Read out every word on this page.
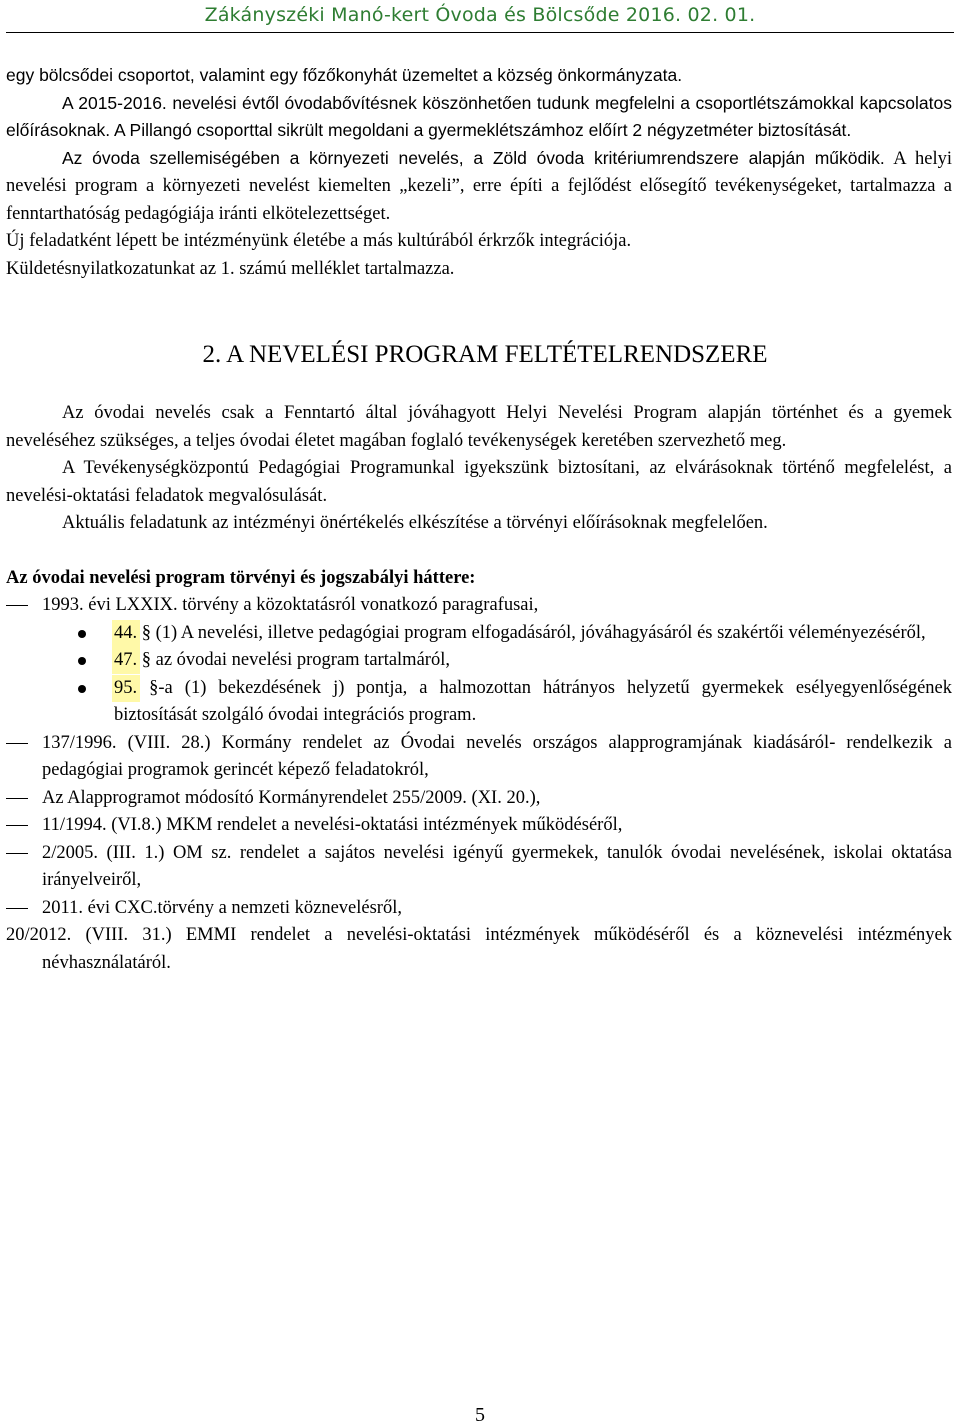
Zákányszéki Manó-kert Óvoda és Bölcsőde 2016. 02. 01.

egy bölcsődei csoportot, valamint egy főzőkonyhát üzemeltet a község önkormányzata.

A 2015-2016. nevelési évtől óvodabővítésnek köszönhetően tudunk megfelelni a csoportlétszámokkal kapcsolatos előírásoknak. A Pillangó csoporttal sikrült megoldani a gyermeklétszámhoz előírt 2 négyzetméter biztosítását.

Az óvoda szellemiségében a környezeti nevelés, a Zöld óvoda kritériumrendszere alapján működik. A helyi nevelési program a környezeti nevelést kiemelten „kezeli”, erre építi a fejlődést elősegítő tevékenységeket, tartalmazza a fenntarthatóság pedagógiája iránti elkötelezettséget.

Új feladatként lépett be intézményünk életébe a más kultúrából érkrzők integrációja.

Küldetésnyilatkozatunkat az 1. számú melléklet tartalmazza.

2. A NEVELÉSI PROGRAM FELTÉTELRENDSZERE

Az óvodai nevelés csak a Fenntartó által jóváhagyott Helyi Nevelési Program alapján történhet és a gyemek neveléséhez szükséges, a teljes óvodai életet magában foglaló tevékenységek keretében szervezhető meg.

A Tevékenységközpontú Pedagógiai Programunkal igyekszünk biztosítani, az elvárásoknak történő megfelelést, a nevelési-oktatási feladatok megvalósulását.

Aktuális feladatunk az intézményi önértékelés elkészítése a törvényi előírásoknak megfelelően.

Az óvodai nevelési program törvényi és jogszabályi háttere:

1993. évi LXXIX. törvény a közoktatásról vonatkozó paragrafusai,
44. § (1) A nevelési, illetve pedagógiai program elfogadásáról, jóváhagyásáról és szakértői véleményezéséről,
47. § az óvodai nevelési program tartalmáról,
95. §-a (1) bekezdésének j) pontja, a halmozottan hátrányos helyzetű gyermekek esélyegyenlőségének biztosítását szolgáló óvodai integrációs program.
137/1996. (VIII. 28.) Kormány rendelet az Óvodai nevelés országos alapprogramjának kiadásáról- rendelkezik a pedagógiai programok gerincét képező feladatokról,
Az Alapprogramot módosító Kormányrendelet 255/2009. (XI. 20.),
11/1994. (VI.8.) MKM rendelet a nevelési-oktatási intézmények működéséről,
2/2005. (III. 1.) OM sz. rendelet a sajátos nevelési igényű gyermekek, tanulók óvodai nevelésének, iskolai oktatása irányelveiről,
2011. évi CXC.törvény a nemzeti köznevelésről,

20/2012. (VIII. 31.) EMMI rendelet a nevelési-oktatási intézmények működéséről és a köznevelési intézmények névhasználatáról.

5
